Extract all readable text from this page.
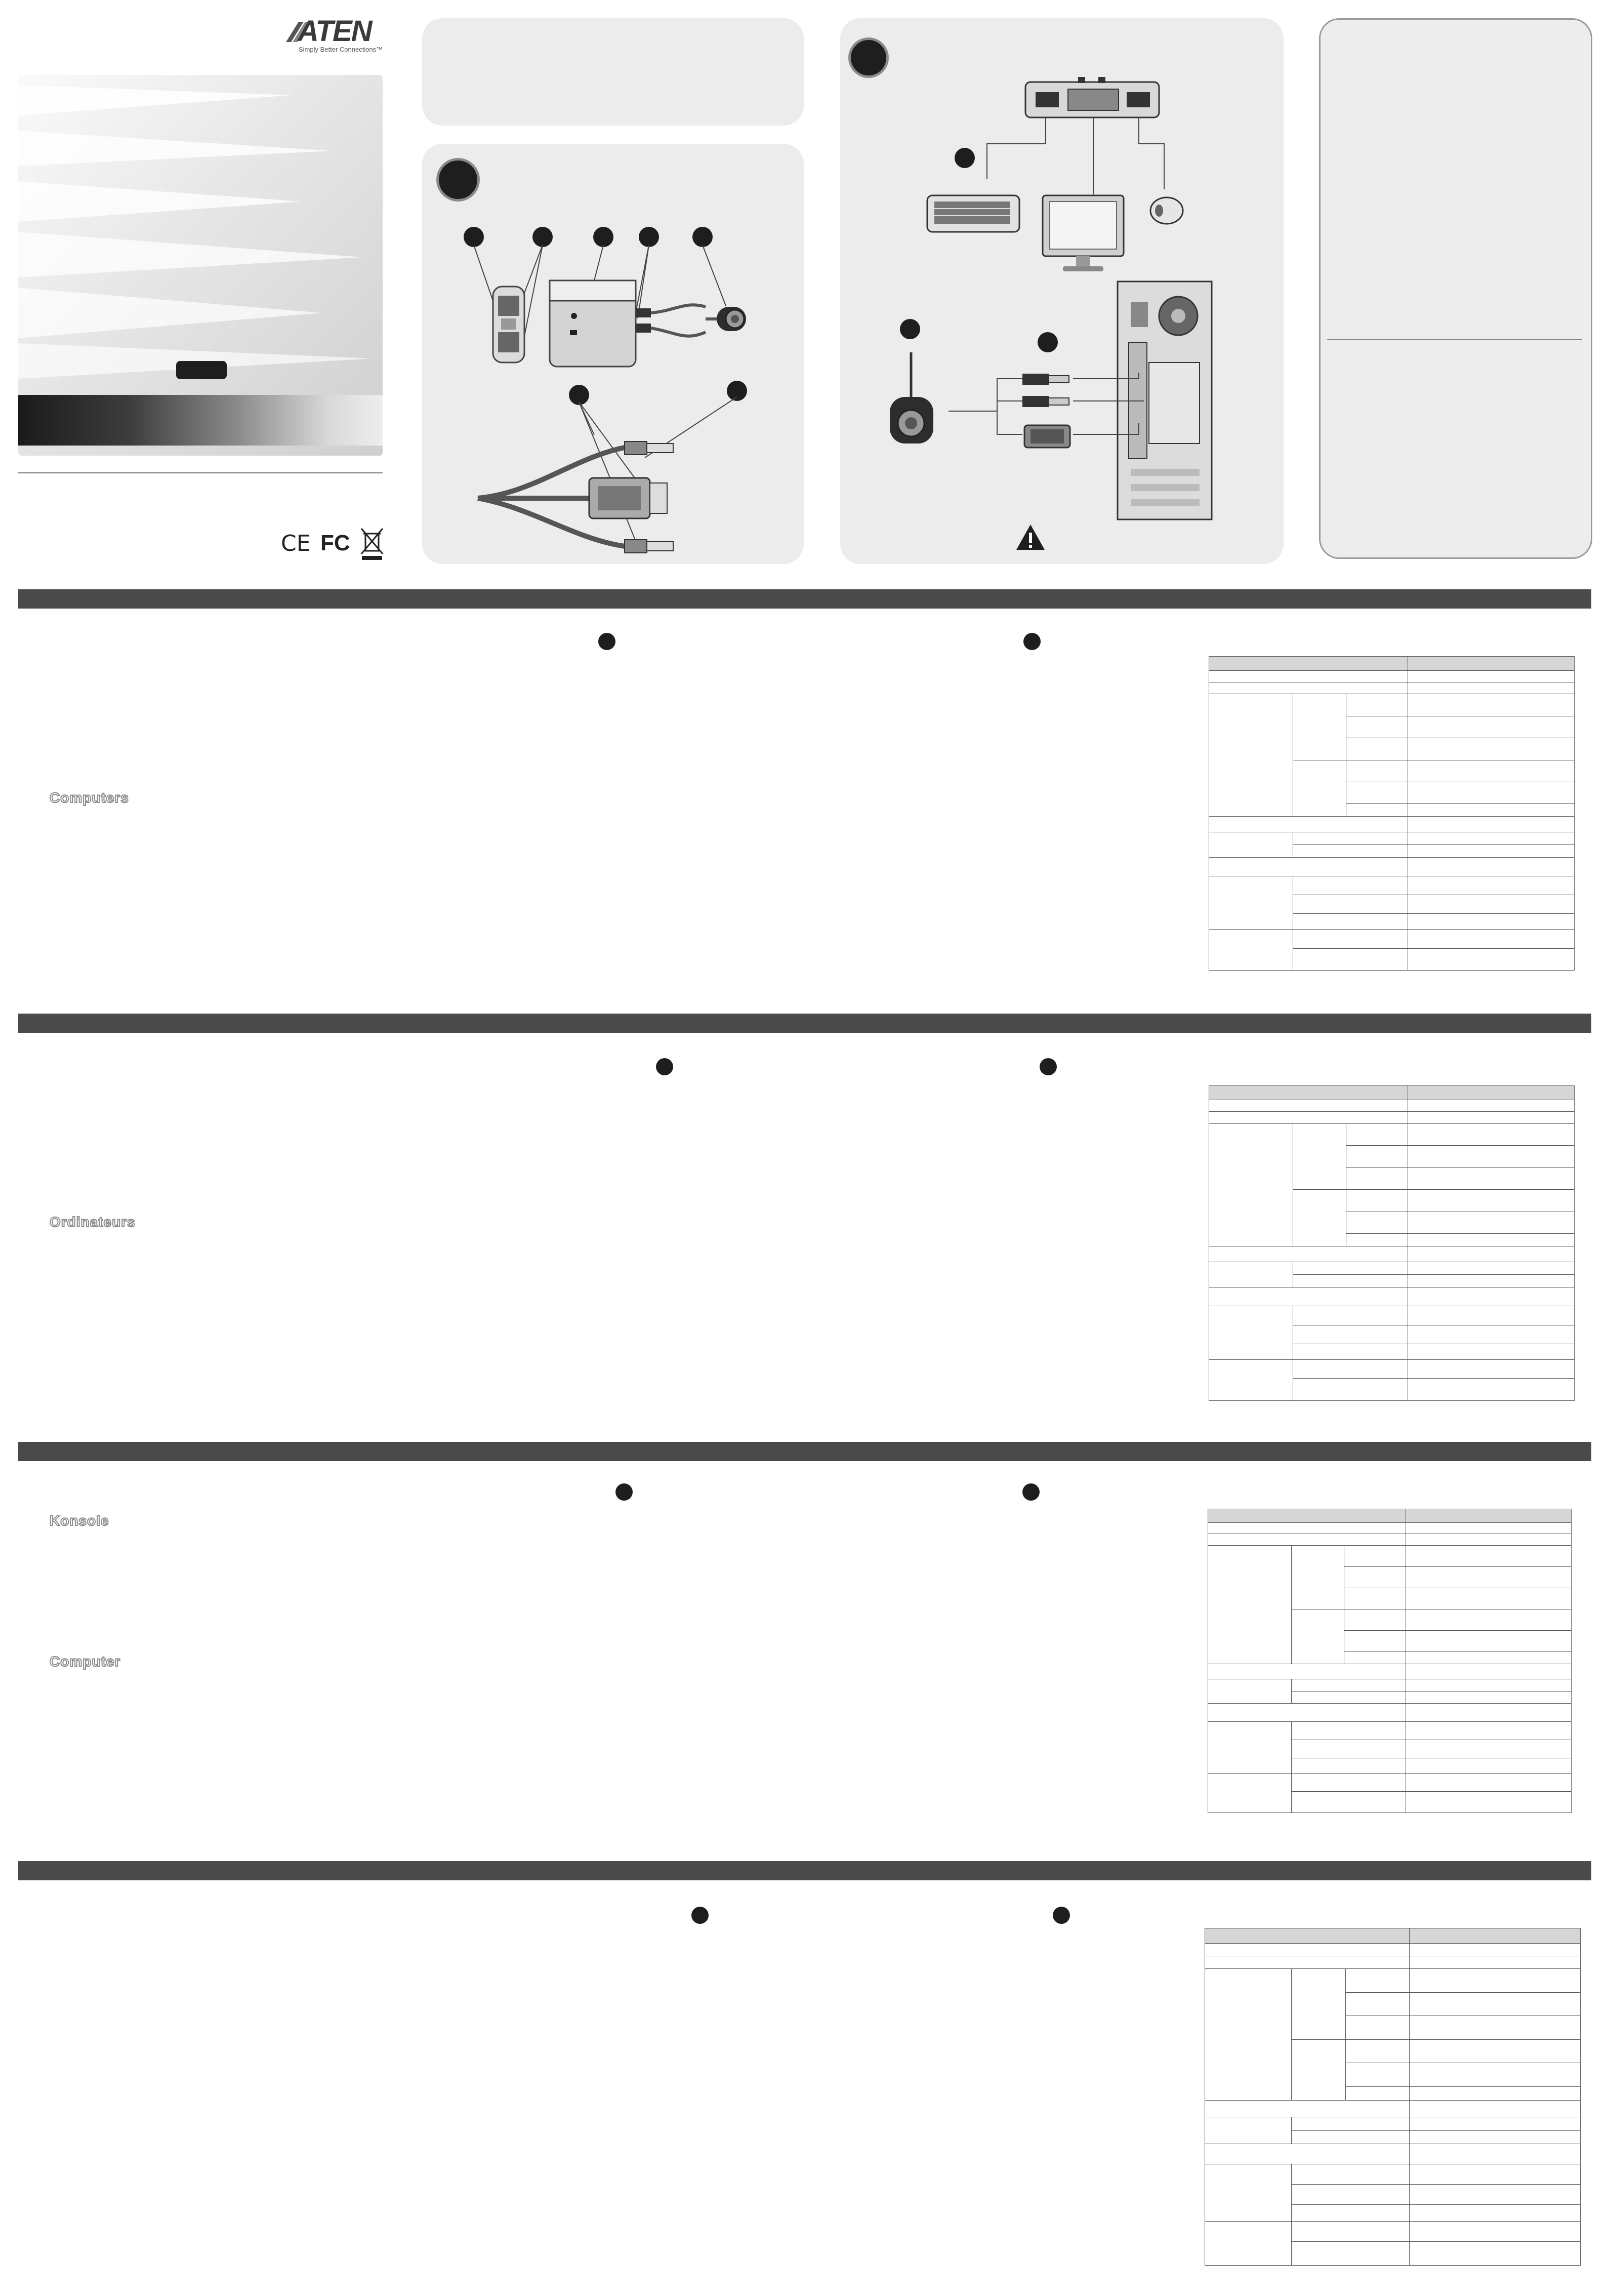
ATEN
Simply Better Connections™
CE FC
Computers
Ordinateurs
Konsole
Computer
